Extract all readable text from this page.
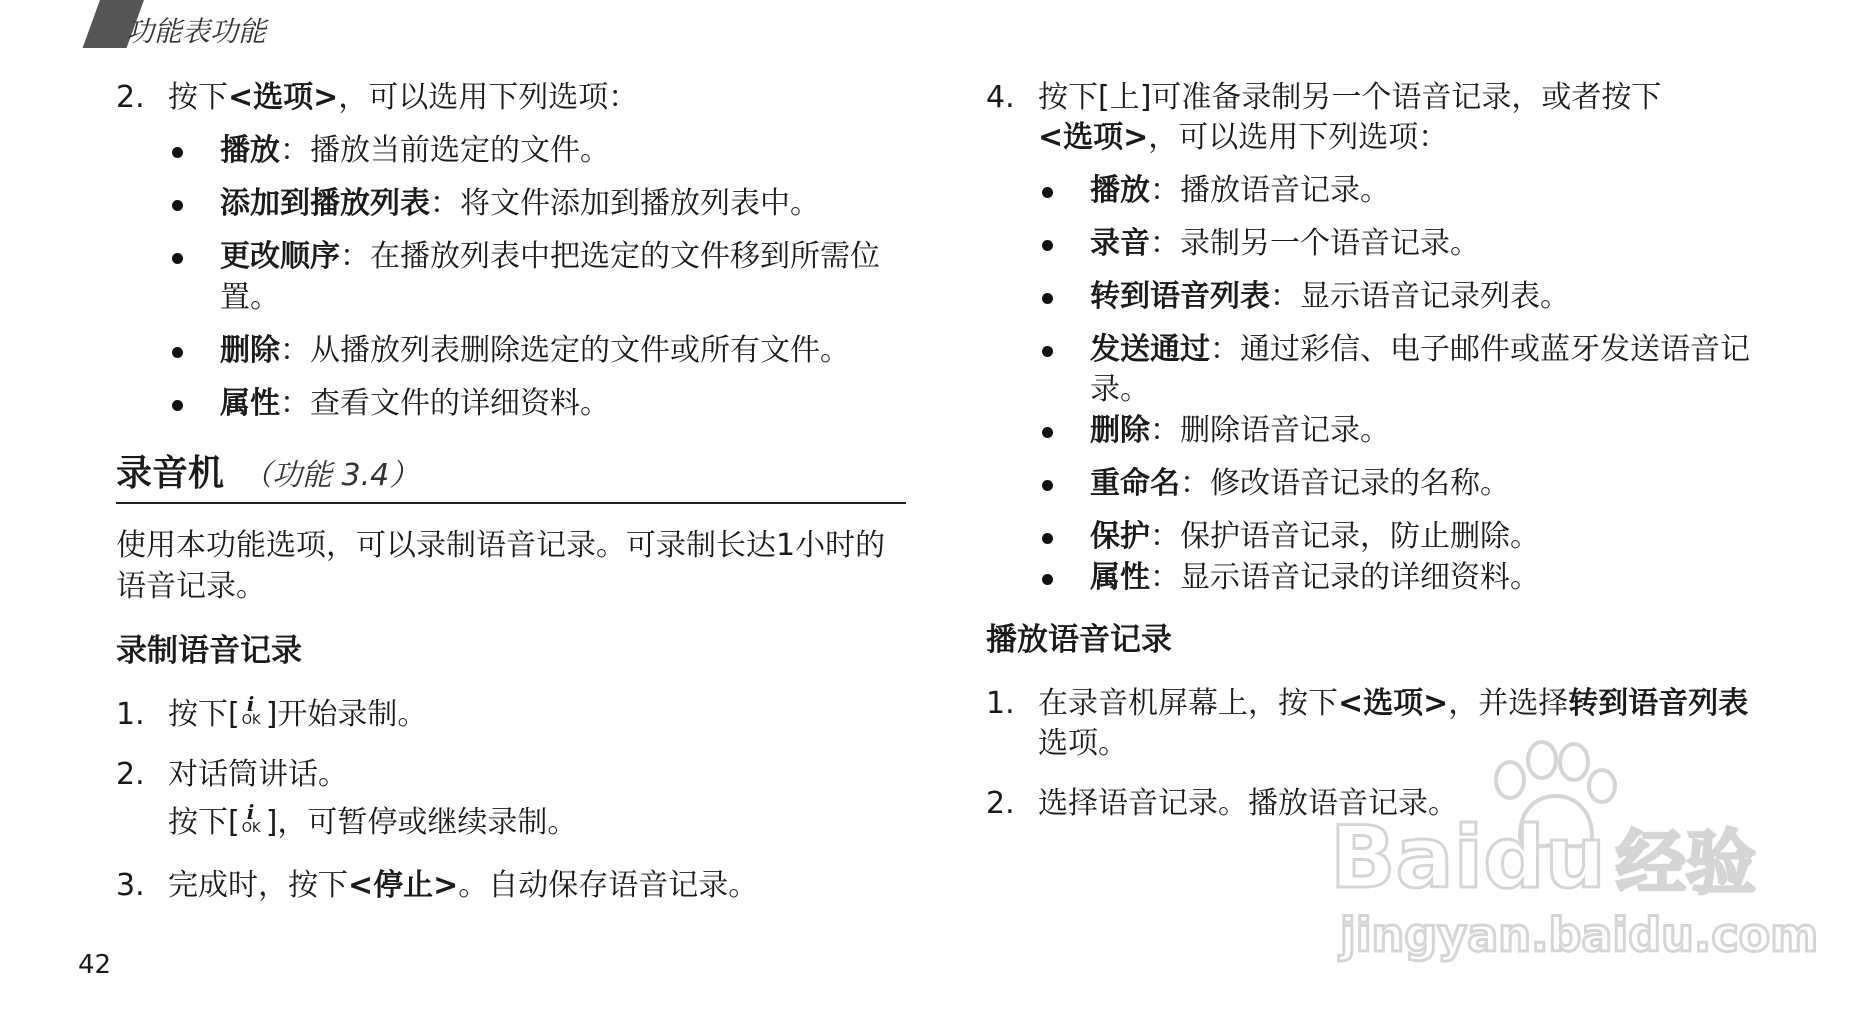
功能表功能
2. 按下<选项>，可以选用下列选项：
播放：播放当前选定的文件。
添加到播放列表：将文件添加到播放列表中。
更改顺序：在播放列表中把选定的文件移到所需位
置。
删除：从播放列表删除选定的文件或所有文件。
属性：查看文件的详细资料。
录音机 （功能 3.4）
使用本功能选项，可以录制语音记录。可录制长达1小时的
语音记录。
录制语音记录
1. 按下[ i
OK ]开始录制。
2. 对话筒讲话。
按下[ i
OK ]，可暂停或继续录制。
3. 完成时，按下<停止>。自动保存语音记录。
4. 按下[上]可准备录制另一个语音记录，或者按下
<选项>，可以选用下列选项：
播放：播放语音记录。
录音：录制另一个语音记录。
转到语音列表：显示语音记录列表。
发送通过：通过彩信、电子邮件或蓝牙发送语音记
录。
删除：删除语音记录。
重命名：修改语音记录的名称。
保护：保护语音记录，防止删除。
属性：显示语音记录的详细资料。
播放语音记录
1. 在录音机屏幕上，按下<选项>，并选择转到语音列表
选项。
2. 选择语音记录。播放语音记录。
42
Baidu 经验
jingyan.baidu.com
